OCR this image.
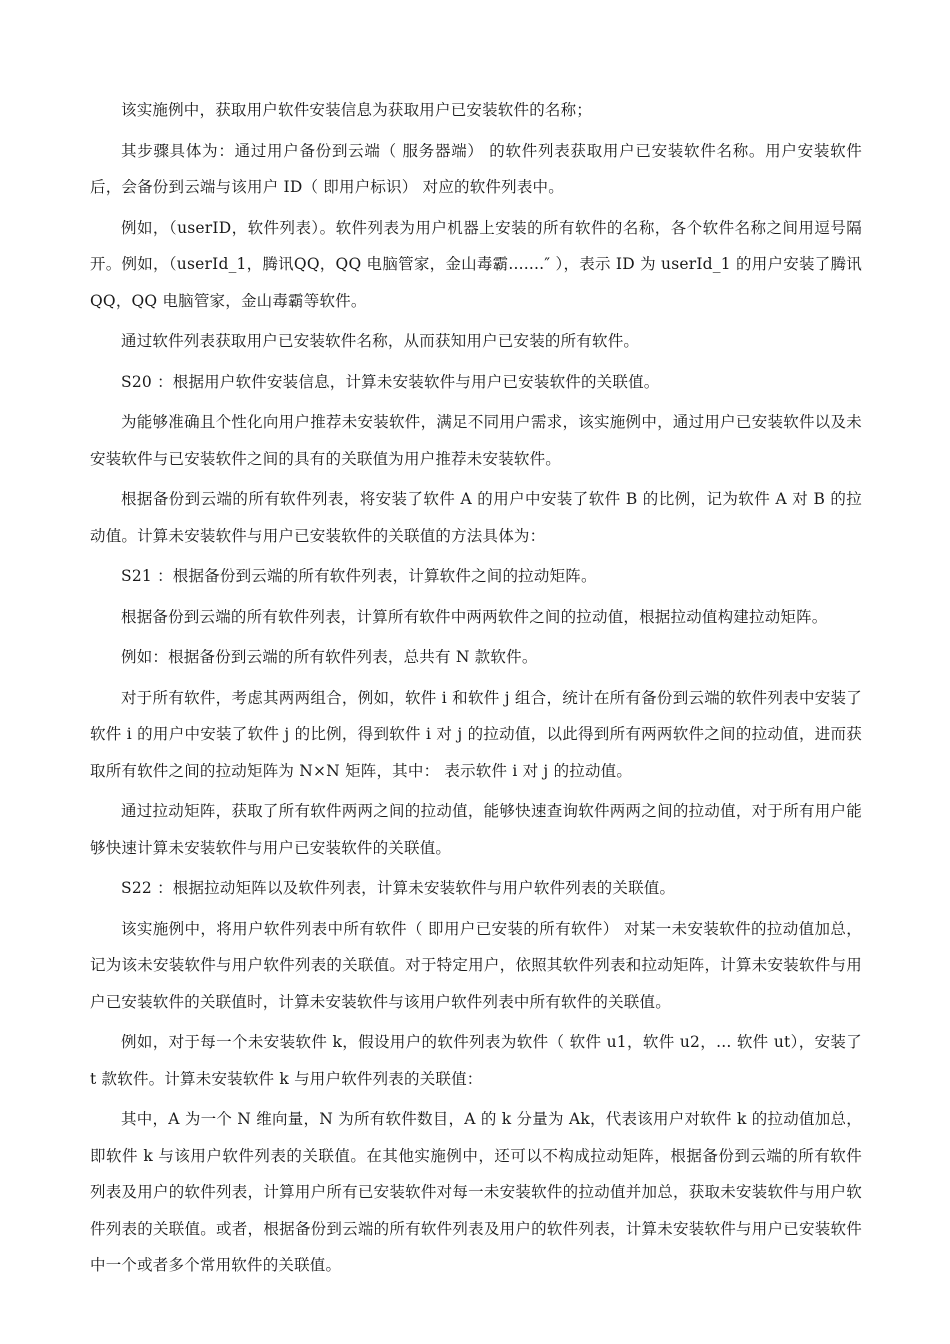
该实施例中，获取用户软件安装信息为获取用户已安装软件的名称；

其步骤具体为：通过用户备份到云端（ 服务器端） 的软件列表获取用户已安装软件名称。用户安装软件后，会备份到云端与该用户 ID（ 即用户标识） 对应的软件列表中。

例如，（userID，软件列表）。软件列表为用户机器上安装的所有软件的名称，各个软件名称之间用逗号隔开。例如，（userId_1，腾讯QQ，QQ 电脑管家，金山毒霸.......″ ），表示 ID 为 userId_1 的用户安装了腾讯QQ，QQ 电脑管家，金山毒霸等软件。

通过软件列表获取用户已安装软件名称，从而获知用户已安装的所有软件。

S20 ：根据用户软件安装信息，计算未安装软件与用户已安装软件的关联值。

为能够准确且个性化向用户推荐未安装软件，满足不同用户需求，该实施例中，通过用户已安装软件以及未安装软件与已安装软件之间的具有的关联值为用户推荐未安装软件。

根据备份到云端的所有软件列表，将安装了软件 A 的用户中安装了软件 B 的比例，记为软件 A 对 B 的拉动值。计算未安装软件与用户已安装软件的关联值的方法具体为：

S21 ：根据备份到云端的所有软件列表，计算软件之间的拉动矩阵。

根据备份到云端的所有软件列表，计算所有软件中两两软件之间的拉动值，根据拉动值构建拉动矩阵。

例如：根据备份到云端的所有软件列表，总共有 N 款软件。

对于所有软件，考虑其两两组合，例如，软件 i 和软件 j 组合，统计在所有备份到云端的软件列表中安装了软件 i 的用户中安装了软件 j 的比例，得到软件 i 对 j 的拉动值，以此得到所有两两软件之间的拉动值，进而获取所有软件之间的拉动矩阵为 N×N 矩阵，其中： 表示软件 i 对 j 的拉动值。

通过拉动矩阵，获取了所有软件两两之间的拉动值，能够快速查询软件两两之间的拉动值，对于所有用户能够快速计算未安装软件与用户已安装软件的关联值。

S22 ：根据拉动矩阵以及软件列表，计算未安装软件与用户软件列表的关联值。

该实施例中，将用户软件列表中所有软件（ 即用户已安装的所有软件） 对某一未安装软件的拉动值加总，记为该未安装软件与用户软件列表的关联值。对于特定用户，依照其软件列表和拉动矩阵，计算未安装软件与用户已安装软件的关联值时，计算未安装软件与该用户软件列表中所有软件的关联值。

例如，对于每一个未安装软件 k，假设用户的软件列表为软件（ 软件 u1，软件 u2，... 软件 ut），安装了 t 款软件。计算未安装软件 k 与用户软件列表的关联值：

其中，A 为一个 N 维向量，N 为所有软件数目，A 的 k 分量为 Ak，代表该用户对软件 k 的拉动值加总，即软件 k 与该用户软件列表的关联值。在其他实施例中，还可以不构成拉动矩阵，根据备份到云端的所有软件列表及用户的软件列表，计算用户所有已安装软件对每一未安装软件的拉动值并加总，获取未安装软件与用户软件列表的关联值。或者，根据备份到云端的所有软件列表及用户的软件列表，计算未安装软件与用户已安装软件中一个或者多个常用软件的关联值。
